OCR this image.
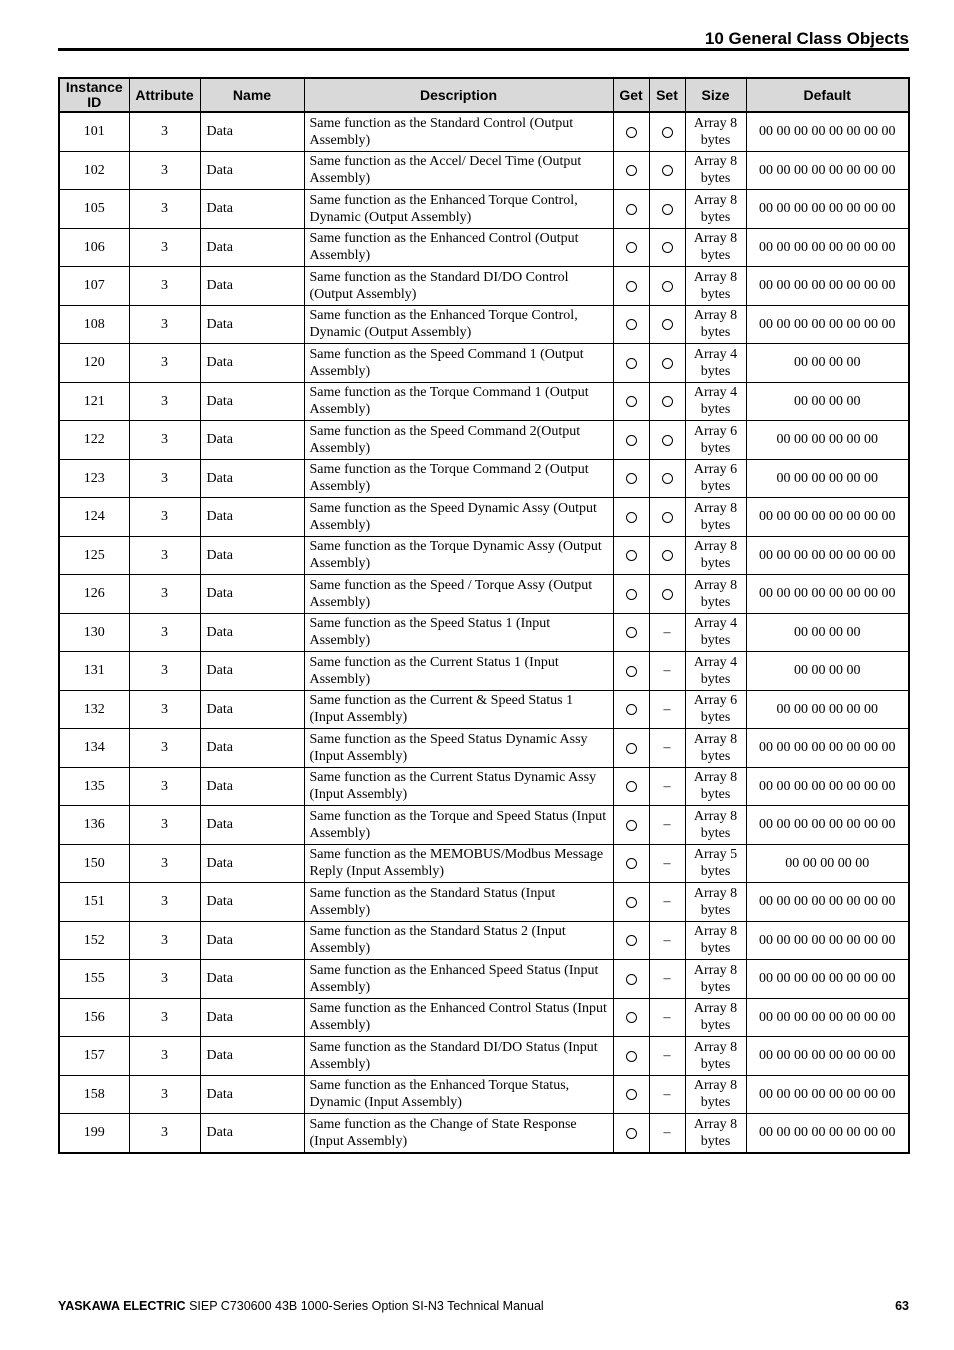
10 General Class Objects
Instance ID	Attribute	Name	Description	Get	Set	Size	Default
101	3	Data	Same function as the Standard Control (Output Assembly)			Array 8 bytes	00 00 00 00 00 00 00 00
102	3	Data	Same function as the Accel/ Decel Time (Output Assembly)			Array 8 bytes	00 00 00 00 00 00 00 00
105	3	Data	Same function as the Enhanced Torque Control, Dynamic (Output Assembly)			Array 8 bytes	00 00 00 00 00 00 00 00
106	3	Data	Same function as the Enhanced Control (Output Assembly)			Array 8 bytes	00 00 00 00 00 00 00 00
107	3	Data	Same function as the Standard DI/DO Control (Output Assembly)			Array 8 bytes	00 00 00 00 00 00 00 00
108	3	Data	Same function as the Enhanced Torque Control, Dynamic (Output Assembly)			Array 8 bytes	00 00 00 00 00 00 00 00
120	3	Data	Same function as the Speed Command 1 (Output Assembly)			Array 4 bytes	00 00 00 00
121	3	Data	Same function as the Torque Command 1 (Output Assembly)			Array 4 bytes	00 00 00 00
122	3	Data	Same function as the Speed Command 2(Output Assembly)			Array 6 bytes	00 00 00 00 00 00
123	3	Data	Same function as the Torque Command 2 (Output Assembly)			Array 6 bytes	00 00 00 00 00 00
124	3	Data	Same function as the Speed Dynamic Assy (Output Assembly)			Array 8 bytes	00 00 00 00 00 00 00 00
125	3	Data	Same function as the Torque Dynamic Assy (Output Assembly)			Array 8 bytes	00 00 00 00 00 00 00 00
126	3	Data	Same function as the Speed / Torque Assy (Output Assembly)			Array 8 bytes	00 00 00 00 00 00 00 00
130	3	Data	Same function as the Speed Status 1 (Input Assembly)		–	Array 4 bytes	00 00 00 00
131	3	Data	Same function as the Current Status 1 (Input Assembly)		–	Array 4 bytes	00 00 00 00
132	3	Data	Same function as the Current & Speed Status 1 (Input Assembly)		–	Array 6 bytes	00 00 00 00 00 00
134	3	Data	Same function as the Speed Status Dynamic Assy (Input Assembly)		–	Array 8 bytes	00 00 00 00 00 00 00 00
135	3	Data	Same function as the Current Status Dynamic Assy (Input Assembly)		–	Array 8 bytes	00 00 00 00 00 00 00 00
136	3	Data	Same function as the Torque and Speed Status (Input Assembly)		–	Array 8 bytes	00 00 00 00 00 00 00 00
150	3	Data	Same function as the MEMOBUS/Modbus Message Reply (Input Assembly)		–	Array 5 bytes	00 00 00 00 00
151	3	Data	Same function as the Standard Status (Input Assembly)		–	Array 8 bytes	00 00 00 00 00 00 00 00
152	3	Data	Same function as the Standard Status 2 (Input Assembly)		–	Array 8 bytes	00 00 00 00 00 00 00 00
155	3	Data	Same function as the Enhanced Speed Status (Input Assembly)		–	Array 8 bytes	00 00 00 00 00 00 00 00
156	3	Data	Same function as the Enhanced Control Status (Input Assembly)		–	Array 8 bytes	00 00 00 00 00 00 00 00
157	3	Data	Same function as the Standard DI/DO Status (Input Assembly)		–	Array 8 bytes	00 00 00 00 00 00 00 00
158	3	Data	Same function as the Enhanced Torque Status, Dynamic (Input Assembly)		–	Array 8 bytes	00 00 00 00 00 00 00 00
199	3	Data	Same function as the Change of State Response (Input Assembly)		–	Array 8 bytes	00 00 00 00 00 00 00 00
YASKAWA ELECTRIC SIEP C730600 43B 1000-Series Option SI-N3 Technical Manual	63
